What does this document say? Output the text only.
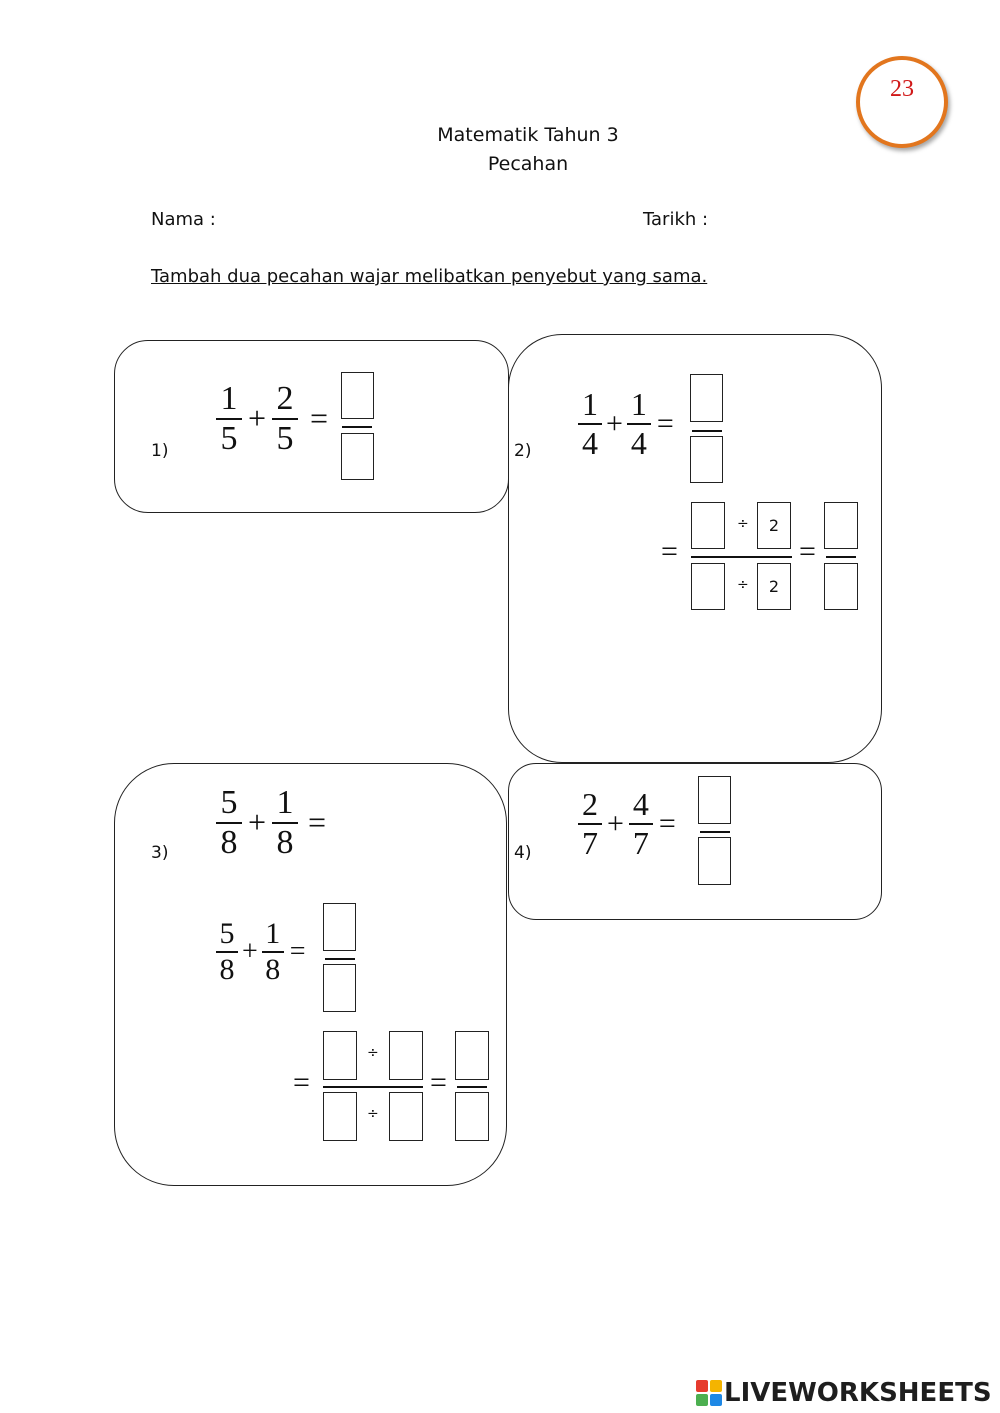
23
Matematik Tahun 3
Pecahan
Nama :	Tarikh :
Tambah dua pecahan wajar melibatkan penyebut yang sama.
$1) \frac{1}{5} + \frac{2}{5}$ =
$2) \frac{1}{4} + \frac{1}{4}$ =
=
÷ 2
÷ 2
=
$3) \frac{5}{8} + \frac{1}{8}$ =
$\frac{5}{8} + \frac{1}{8}$ =
=
÷
÷
=
$4) \frac{2}{7} + \frac{4}{7}$ =
LIVEWORKSHEETS
